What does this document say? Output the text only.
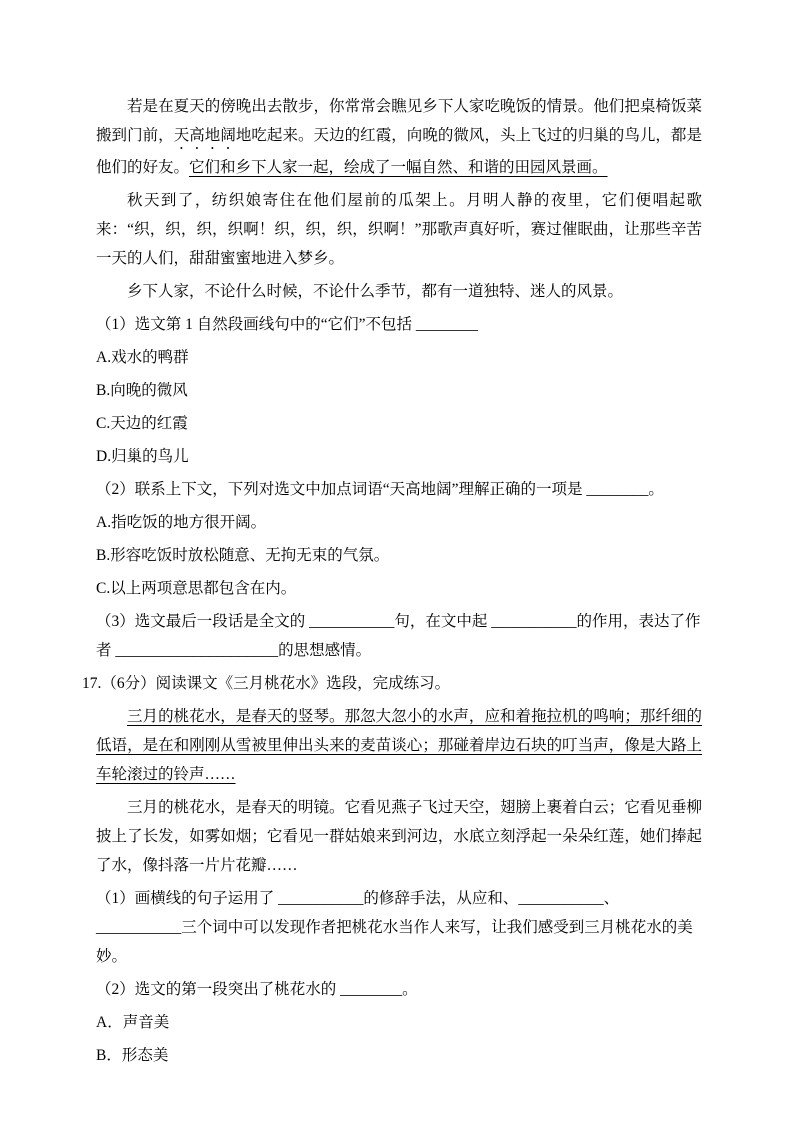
若是在夏天的傍晚出去散步，你常常会瞧见乡下人家吃晚饭的情景。他们把桌椅饭菜搬到门前，天高地阔地吃起来。天边的红霞，向晚的微风，头上飞过的归巢的鸟儿，都是他们的好友。它们和乡下人家一起，绘成了一幅自然、和谐的田园风景画。

秋天到了，纺织娘寄住在他们屋前的瓜架上。月明人静的夜里，它们便唱起歌来：“织，织，织，织啊！织，织，织，织啊！”那歌声真好听，赛过催眠曲，让那些辛苦一天的人们，甜甜蜜蜜地进入梦乡。

乡下人家，不论什么时候，不论什么季节，都有一道独特、迷人的风景。

（1）选文第 1 自然段画线句中的“它们”不包括 ________

A.戏水的鸭群

B.向晚的微风

C.天边的红霞

D.归巢的鸟儿

（2）联系上下文，下列对选文中加点词语“天高地阔”理解正确的一项是 ________。

A.指吃饭的地方很开阔。

B.形容吃饭时放松随意、无拘无束的气氛。

C.以上两项意思都包含在内。

（3）选文最后一段话是全文的 ___________句，在文中起 ___________的作用，表达了作者 _____________________的思想感情。

17.（6分）阅读课文《三月桃花水》选段，完成练习。

三月的桃花水，是春天的竖琴。那忽大忽小的水声，应和着拖拉机的鸣响；那纤细的低语，是在和刚刚从雪被里伸出头来的麦苗谈心；那碰着岸边石块的叮当声，像是大路上车轮滚过的铃声……

三月的桃花水，是春天的明镜。它看见燕子飞过天空，翅膀上裹着白云；它看见垂柳披上了长发，如雾如烟；它看见一群姑娘来到河边，水底立刻浮起一朵朵红莲，她们捧起了水，像抖落一片片花瓣……

（1）画横线的句子运用了 ___________的修辞手法，从应和、___________、___________三个词中可以发现作者把桃花水当作人来写，让我们感受到三月桃花水的美妙。

（2）选文的第一段突出了桃花水的 ________。

A．声音美

B．形态美
